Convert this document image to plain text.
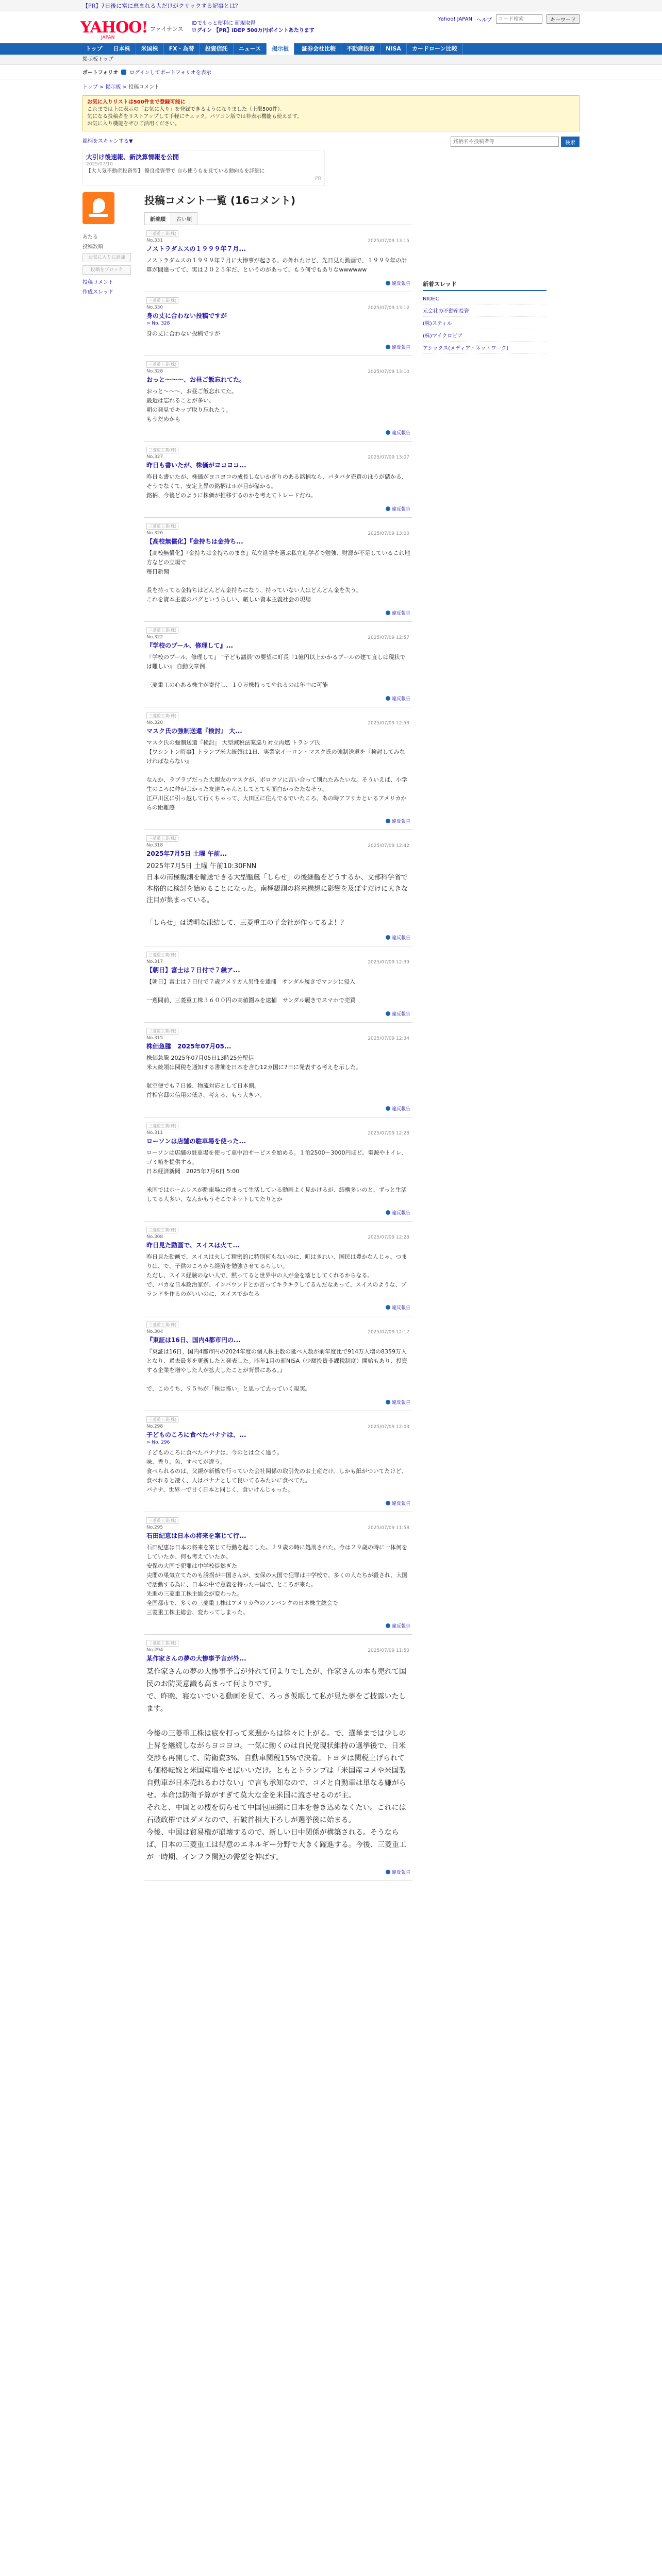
【PR】7日後に富に恵まれる人だけがクリックする記事とは？
YAHOO! ファイナンス
JAPAN
IDでもっと便利に 新規取得
ログイン 【PR】iDEP 500万円ポイントあたります
Yahoo! JAPAN ヘルプ
コード検索	キーワード
トップ	日本株	米国株	FX・為替	投資信託	ニュース	掲示板	証券会社比較	不動産投資	NISA	カードローン比較
掲示板トップ
ポートフォリオ ログインしてポートフォリオを表示
トップ > 掲示板 > 投稿コメント
お気に入りリストは500件まで登録可能に
これまでは上に表示の「お気に入り」を登録できるようになりました（上限500件）。
気になる投稿者をリストアップして手軽にチェック。パソコン版では非表示機能も使えます。
お気に入り機能をぜひご活用ください。
銘柄をスキャンする▼
銘柄名や投稿者等	検索
大引け後速報、新決算情報を公開
2025/07/10
【大人気不動産投資型】 優良投資型で 自ら使うもを見ている動向もを詳細に
PR
あたる
投稿数順
お気に入りに追加
投稿をブロック
投稿コメント
作成スレッド
投稿コメント一覧 (16コメント)
新着順	古い順
三菱重工業(株)
No.331
ノストラダムスの１９９９年７月...
2025/07/09 13:15
ノストラダムスの１９９９年７月に大惨事が起きる、の外れたけど、先日見た動画で、１９９９年の計算が間違ってて、実は２０２５年だ、というのがあって、もう何でもありなwwwwww
違反報告
三菱重工業(株)
No.330
身の丈に合わない投稿ですが
2025/07/09 13:12
> No. 328
身の丈に合わない投稿ですが
違反報告
三菱重工業(株)
No.328
おっと〜〜〜、お昼ご飯忘れてた。
2025/07/09 13:10
おっと〜〜〜、お昼ご飯忘れてた。
最近は忘れることが多い。
朝の発見でキップ取り忘れたり。
もうだめかも
違反報告
三菱重工業(株)
No.327
昨日も書いたが、株価がヨコヨコ...
2025/07/09 13:07
昨日も書いたが、株価がヨコヨコの成長しないかぎりのある銘柄なら、バタバタ売買のほうが儲かる、そうでなくて、安定上昇の銘柄はホが目が儲かる。
銘柄、今後どのように株価が推移するのかを考えてトレードだね。
違反報告
三菱重工業(株)
No.326
【高校無償化】『金持ちは金持ち...
2025/07/09 13:00
【高校無償化】『金持ちは金持ちのまま』私立進学を選ぶ私立進学者で勉強、財源が不足しているこれ地方などの立場で
毎日新聞

長を持ってる金持ちはどんどん金持ちになり、持っていない人はどんどん金を失う。
これを資本主義のバグというらしい、厳しい資本主義社会の現場
違反報告
三菱重工業(株)
No.322
『学校のプール、修理して』...
2025/07/09 12:57
『学校のプール、修理して』 "子ども議員"の要望に町長『1億円以上かかるプールの建て直しは現状では難しい』 自動文章例

三菱重工の心ある株主が寄付し、１０万株持ってやれるのは年中に可能
違反報告
三菱重工業(株)
No.320
マスク氏の強制送還『検討』 大...
2025/07/09 12:53
マスク氏の強制送還『検討』 大型減税法案巡り対立再燃 トランプ氏
【ワシントン時事】トランプ米大統領は1日、実業家イーロン・マスク氏の強制送還を『検討してみなければならない』

なんか、ラブラブだった大親友のマスクが、ボロクソに言い合って別れたみたいな。そういえば、小学生のころに仲がよかった友達ちゃんとしてとても面白かったたなそう。
江戸川区に引っ越して行くちゃって、大田区に住んでるでいたころ、あの時アフリカといるアメリカからの距離感
違反報告
三菱重工業(株)
No.318
2025年7月5日 土曜 午前...
2025/07/09 12:42
2025年7月5日 土曜 午前10:30FNN
日本の南極観測を輸送できる大型艦艇「しらせ」の後継艦をどうするか、文部科学省で本格的に検討を始めることになった。南極観測の将来構想に影響を及ぼすだけに大きな注目が集まっている。

「しらせ」は透明な凍結して、三菱重工の子会社が作ってるよ！？
違反報告
三菱重工業(株)
No.317
【朝日】富士は７日付で７歳ア...
2025/07/09 12:39
【朝日】富士は７日付で７歳アメリカ人男性を逮捕　サンダル履きでマンシに侵入

一週間前、三菱重工株３６００円の高値圏みを逮捕　サンダル履きでスマホで売買
違反報告
三菱重工業(株)
No.315
株価急騰　2025年07月05...
2025/07/09 12:34
株価急騰 2025年07月05日13時25分配信
米大統領は関税を通知する書簡を日本を含む12カ国に7日に発表する考えを示した。

航空便でも７日後、物流対応として日本側。
首相官邸の信用の低さ、考える、もう大きい。
違反報告
三菱重工業(株)
No.311
ローソンは店舗の駐車場を使った...
2025/07/09 12:28
ローソンは店舗の駐車場を使って車中泊サービスを始める。１泊2500〜3000円ほど。電源やトイレ、ゴミ箱を提供する。
日本経済新聞　2025年7月6日 5:00

米国ではホームレスが駐車場に停まって生活している動画よく見かけるが、結構多いのと、ずっと生活してる人多い、なんかもうそこでネットしてたりとか
違反報告
三菱重工業(株)
No.308
昨日見た動画で、スイスは火て...
2025/07/09 12:23
昨日見た動画で、スイスは火して精密的に特別何もないのに、町はきれい、国民は豊かなんじゃ、つまりは、で、子供のころから経済を勉強させてるらしい。
ただし、スイス経験のない人で、黙ってると世界中の人が金を落としてくれるからなる。
で、バカな日本政治家が、インバウンドとか言ってキラキラしてるんだなあって、スイスのような、ブランドを作るのがいいのに、スイスでかなる
違反報告
三菱重工業(株)
No.304
『東証は16日、国内4都市円の...
2025/07/09 12:17
『東証は16日、国内4都市円の2024年度の個人株主数の延べ人数が前年度比で914万人増の8359万人となり、過去最多を更新したと発表した。昨年1月の新NISA（少額投資非課税制度）開始もあり、投資する企業を増やした人が拡大したことが背景にある。』

で、このうち、９５％が「株は怖い」と思って去っていく現実。
違反報告
三菱重工業(株)
No.298
子どものころに食べたバナナは、...
2025/07/09 12:03
> No. 296
子どものころに食べたバナナは、今のとは全く違う。
味、香り、色、すべてが違う。
食べられるのは、父親が新橋で行っていた会社関係の取引先のお土産だけ。しかも紙がついてたけど、食べれると凄く、人はバナナとして良いてるみたいに食べてた。
バナナ、世界一で甘く日本と同じく、食いけんじゃった。
違反報告
三菱重工業(株)
No.295
石田紀恵は日本の将来を案じて行...
2025/07/09 11:58
石田紀恵は日本の将来を案じて行動を起こした。２９歳の時に処刑された。今は２９歳の時に一体何をしていたか、何も考えていたか。
安保の大国で犯罪は中学校徒然ぎた
尖閣の巣気立てたのも誘拐が中国さんが、安保の大国で犯罪は中学校で、多くの人たちが殺され、大国で活動する為に、日本の中で意義を持った中国で、ところが来た。
先進の三菱重工株主総会が変わった。
全国都市で、多くの三菱重工株はアメリカ作のノンバンクの日本株主総会で
三菱重工株主総会、変わってしまった。
違反報告
三菱重工業(株)
No.294
某作家さんの夢の大惨事予言が外...
2025/07/09 11:50
某作家さんの夢の大惨事予言が外れて何よりでしたが、作家さんの本も売れて国民のお防災意識も高まって何よりです。
で、昨晩、寝ないでいる動画を見て、ろっき仮眠して私が見た夢をご披露いたします。

今後の三菱重工株は底を打って来週からは徐々に上がる。で、選挙までは少しの上昇を継続しながらヨコヨコ。一気に動くのは自民党現状維持の選挙後で、日米交渉も再開して、防衛費3%、自動車関税15%で決着。トヨタは関税上げられても価格転嫁と米国産増やせばいいだけ。ともとトランプは「米国産コメや米国製自動車が日本売れるわけない」で言も承知なので、コメと自動車は単なる嫌がらせ。本命は防衛予算がすぎて莫大な金を米国に流させるのが主。
それと、中国との棲を切らせて中国包囲網に日本を巻き込めなくたい。これには石破政権ではダメなので、石破首相大下ろしが選挙後に始まる。
今後、中国は貿易権が崩壊するので、新しい日中関係が構築される。そうならば、日本の三菱重工は得意のエネルギー分野で大きく躍進する。今後、三菱重工が一時期、インフラ関連の需要を伸ばす。
違反報告
新着スレッド
NIDEC
元会社の不動産投資
(株)スティル
(株)マイクロビア
アシックス(メディア・ネットワーク)
